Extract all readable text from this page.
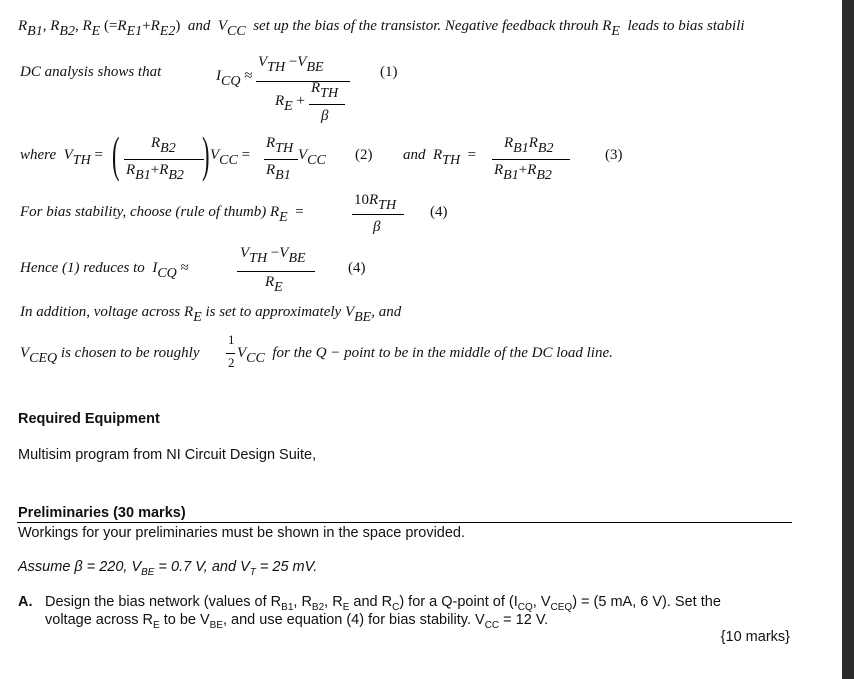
RB1, RB2, RE (=RE1+RE2) and VCC set up the bias of the transistor. Negative feedback throuh RE leads to bias stabili
DC analysis shows that	ICQ ≈
VTH −VBE
RE +
RTH
β
(1)
where VTH = ( RB2
RB1+RB2 ) VCC =
RTH
RB1
VCC (2) and RTH =
RB1RB2
RB1+RB2
(3)
For bias stability, choose (rule of thumb) RE =
10RTH
β
(4)
Hence (1) reduces to ICQ ≈
VTH −VBE
RE
(4)
In addition, voltage across RE is set to approximately VBE, and
VCEQ is chosen to be roughly
1
2
VCC for the Q − point to be in the middle of the DC load line.
Required Equipment
Multisim program from NI Circuit Design Suite,
Preliminaries (30 marks)
Workings for your preliminaries must be shown in the space provided.
Assume β = 220, $V_{BE} = 0.7$ V, and $V_T = 25$ mV.
A. Design the bias network (values of $R_{B1}$, $R_{B2}$, $R_E$ and $R_C$) for a Q-point of ($I_{CQ}$, $V_{CEQ}) = (5$ mA, 6 V). Set the
voltage across $R_E$ to be $V_{BE}$, and use equation (4) for bias stability. $V_{CC} = 12$ V.
{10 marks}
